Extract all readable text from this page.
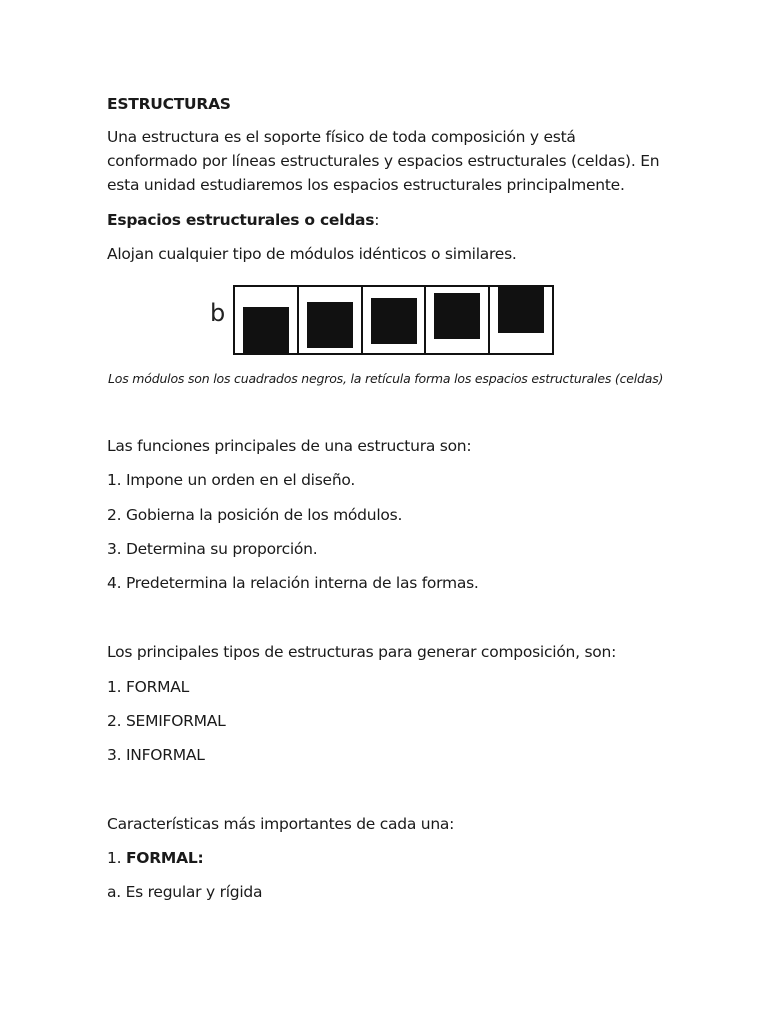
ESTRUCTURAS

Una estructura es el soporte físico de toda composición y está conformado por líneas estructurales y espacios estructurales (celdas). En esta unidad estudiaremos los espacios estructurales principalmente.

Espacios estructurales o celdas:

Alojan cualquier tipo de módulos idénticos o similares.

b

Los módulos son los cuadrados negros, la retícula forma los espacios estructurales (celdas)

Las funciones principales de una estructura son:

1. Impone un orden en el diseño.

2. Gobierna la posición de los módulos.

3. Determina su proporción.

4. Predetermina la relación interna de las formas.

Los principales tipos de estructuras para generar composición, son:

1. FORMAL

2. SEMIFORMAL

3. INFORMAL

Características más importantes de cada una:

1. FORMAL:

a. Es regular y rígida
